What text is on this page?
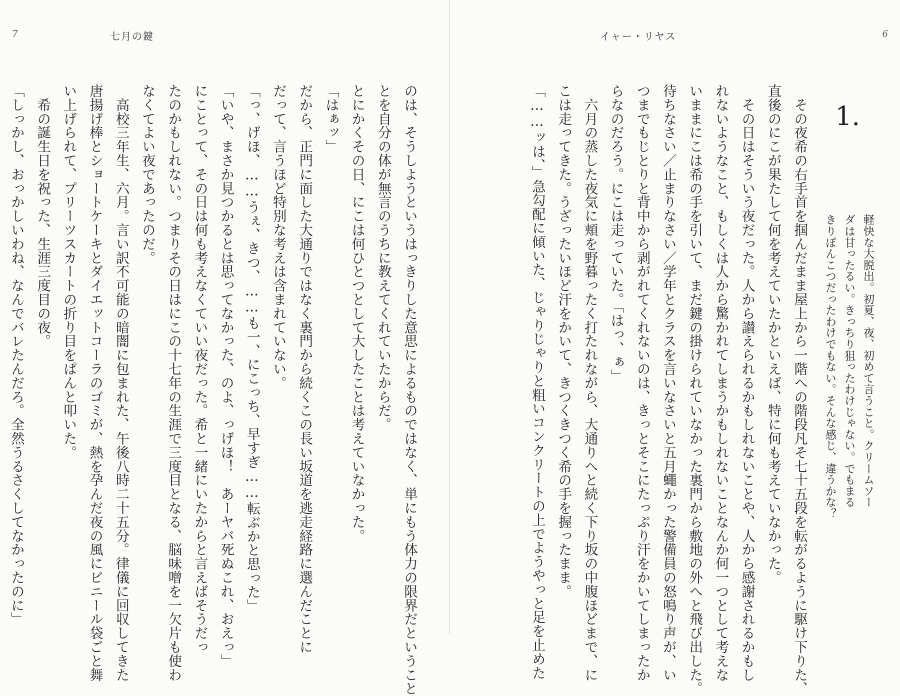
7	七月の鍵
のは、そうしようというはっきりした意思によるものではなく、単にもう体力の限界だということ
とを自分の体が無言のうちに教えてくれていたからだ。
とにかくその日、にこは何ひとつとして大したことは考えていなかった。
「はぁッ」
だから、正門に面した大通りではなく裏門から続くこの長い坂道を逃走経路に選んだことに
だって、言うほど特別な考えは含まれていない。
「っ、げほ、……うぇ、きつ、……も一、にこっち、早すぎ……転ぶかと思った」
「いや、まさか見つかるとは思ってなかった、のよ、っげほ！　あーヤバ死ぬこれ、おえっ」
にことって、その日は何も考えなくていい夜だった。希と一緒にいたからと言えばそうだっ
たのかもしれない。つまりその日はにこの十七年の生涯で三度目となる、脳味噌を一欠片も使わ
なくてよい夜であったのだ。
　高校三年生、六月。言い訳不可能の暗闇に包まれた、午後八時二十五分。律儀に回収してきた
唐揚げ棒とショートケーキとダイエットコーラのゴミが、熱を孕んだ夜の風にビニール袋ごと舞
い上げられて、プリーツスカートの折り目をぱんと叩いた。
　希の誕生日を祝った、生涯三度目の夜。
「しっかし、おっかしいわね、なんでバレたんだろ。全然うるさくしてなかったのに」
イャー・リヤス	6
軽快な大脱出。初夏、夜、初めて言うこと。クリームソー
ダは甘ったるい。きっちり狙ったわけじゃない。でもまる
きりぽんこつだったわけでもない。そんな感じ、違うかな？
1.
　その夜希の右手首を掴んだまま屋上から一階への階段凡そ七十五段を転がるように駆け下りた、
直後のにこが果たして何を考えていたかといえば、特に何も考えていなかった。
　その日はそういう夜だった。人から讃えられるかもしれないことや、人から感謝されるかもし
れないようなこと、もしくは人から驚かれてしまうかもしれないことなんか何一つとして考えな
いままにこは希の手を引いて、まだ鍵の掛けられていなかった裏門から敷地の外へと飛び出した。
待ちなさい／止まりなさい／学年とクラスを言いなさいと五月蠅かった警備員の怒鳴り声が、い
つまでもじとりと背中から剥がれてくれないのは、きっとそこにたっぷり汗をかいてしまったか
らなのだろう。にこは走っていた。「はっ、ぁ」
　六月の蒸した夜気に頬を野暮ったく打たれながら、大通りへと続く下り坂の中腹ほどまで、に
こは走ってきた。うざったいほど汗をかいて、きつくきつく希の手を握ったまま。
「……ッは、」急勾配に傾いた、じゃりじゃりと粗いコンクリートの上でようやっと足を止めた
